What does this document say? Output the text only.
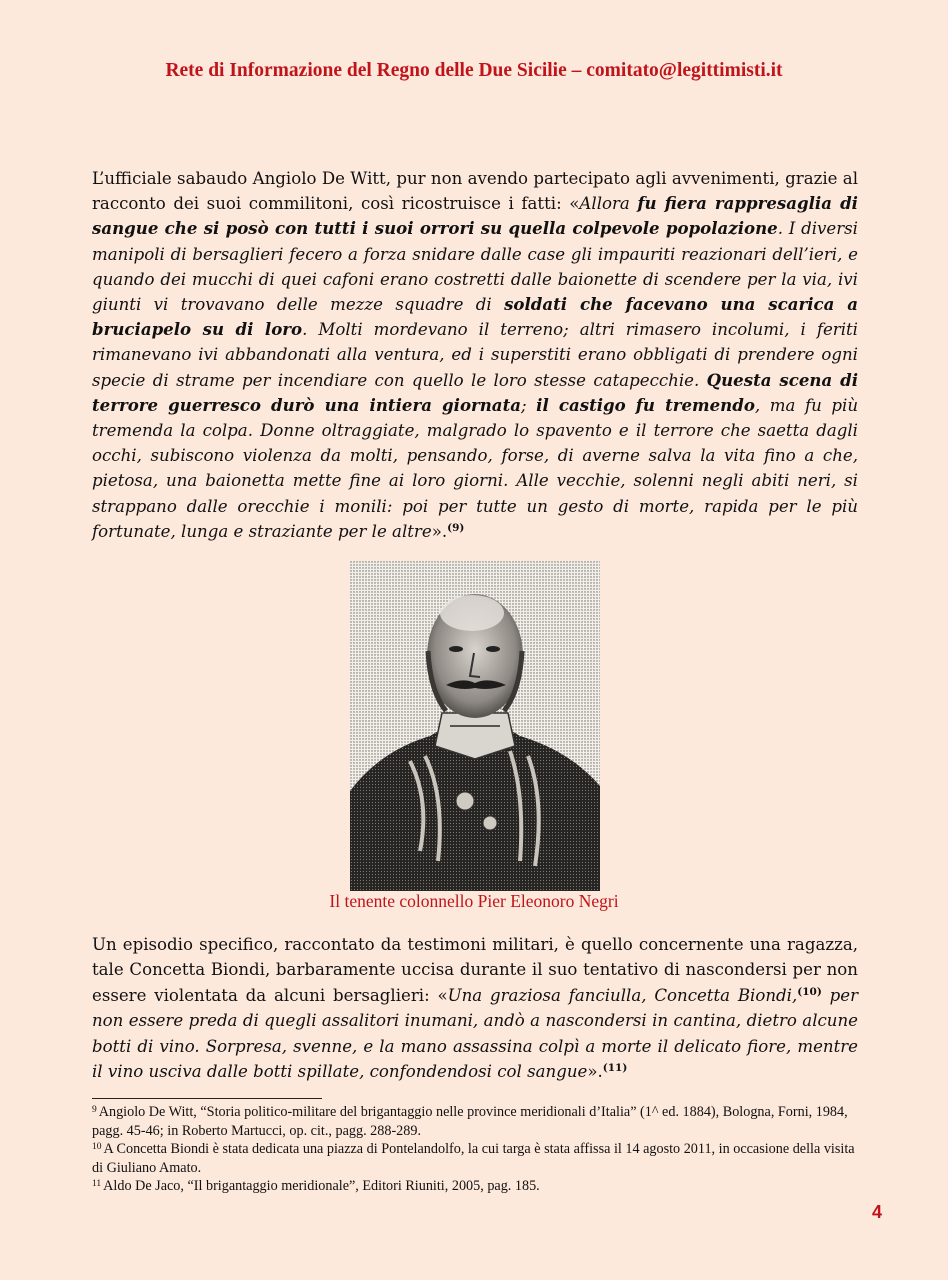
Rete di Informazione del Regno delle Due Sicilie – comitato@legittimisti.it

L’ufficiale sabaudo Angiolo De Witt, pur non avendo partecipato agli avvenimenti, grazie al racconto dei suoi commilitoni, così ricostruisce i fatti: «Allora fu fiera rappresaglia di sangue che si posò con tutti i suoi orrori su quella colpevole popolazione. I diversi manipoli di bersaglieri fecero a forza snidare dalle case gli impauriti reazionari dell’ieri, e quando dei mucchi di quei cafoni erano costretti dalle baionette di scendere per la via, ivi giunti vi trovavano delle mezze squadre di soldati che facevano una scarica a bruciapelo su di loro. Molti mordevano il terreno; altri rimasero incolumi, i feriti rimanevano ivi abbandonati alla ventura, ed i superstiti erano obbligati di prendere ogni specie di strame per incendiare con quello le loro stesse catapecchie. Questa scena di terrore guerresco durò una intiera giornata; il castigo fu tremendo, ma fu più tremenda la colpa. Donne oltraggiate, malgrado lo spavento e il terrore che saetta dagli occhi, subiscono violenza da molti, pensando, forse, di averne salva la vita fino a che, pietosa, una baionetta mette fine ai loro giorni. Alle vecchie, solenni negli abiti neri, si strappano dalle orecchie i monili: poi per tutte un gesto di morte, rapida per le più fortunate, lunga e straziante per le altre».$^{(9)}$

Il tenente colonnello Pier Eleonoro Negri

Un episodio specifico, raccontato da testimoni militari, è quello concernente una ragazza, tale Concetta Biondi, barbaramente uccisa durante il suo tentativo di nascondersi per non essere violentata da alcuni bersaglieri: «Una graziosa fanciulla, Concetta Biondi,$^{(10)}$ per non essere preda di quegli assalitori inumani, andò a nascondersi in cantina, dietro alcune botti di vino. Sorpresa, svenne, e la mano assassina colpì a morte il delicato fiore, mentre il vino usciva dalle botti spillate, confondendosi col sangue».$^{(11)}$

$^9$ Angiolo De Witt, “Storia politico-militare del brigantaggio nelle province meridionali d’Italia” (1^ ed. 1884), Bologna, Forni, 1984, pagg. 45-46; in Roberto Martucci, op. cit., pagg. 288-289.

$^{10}$ A Concetta Biondi è stata dedicata una piazza di Pontelandolfo, la cui targa è stata affissa il 14 agosto 2011, in occasione della visita di Giuliano Amato.

$^{11}$ Aldo De Jaco, “Il brigantaggio meridionale”, Editori Riuniti, 2005, pag. 185.

4
